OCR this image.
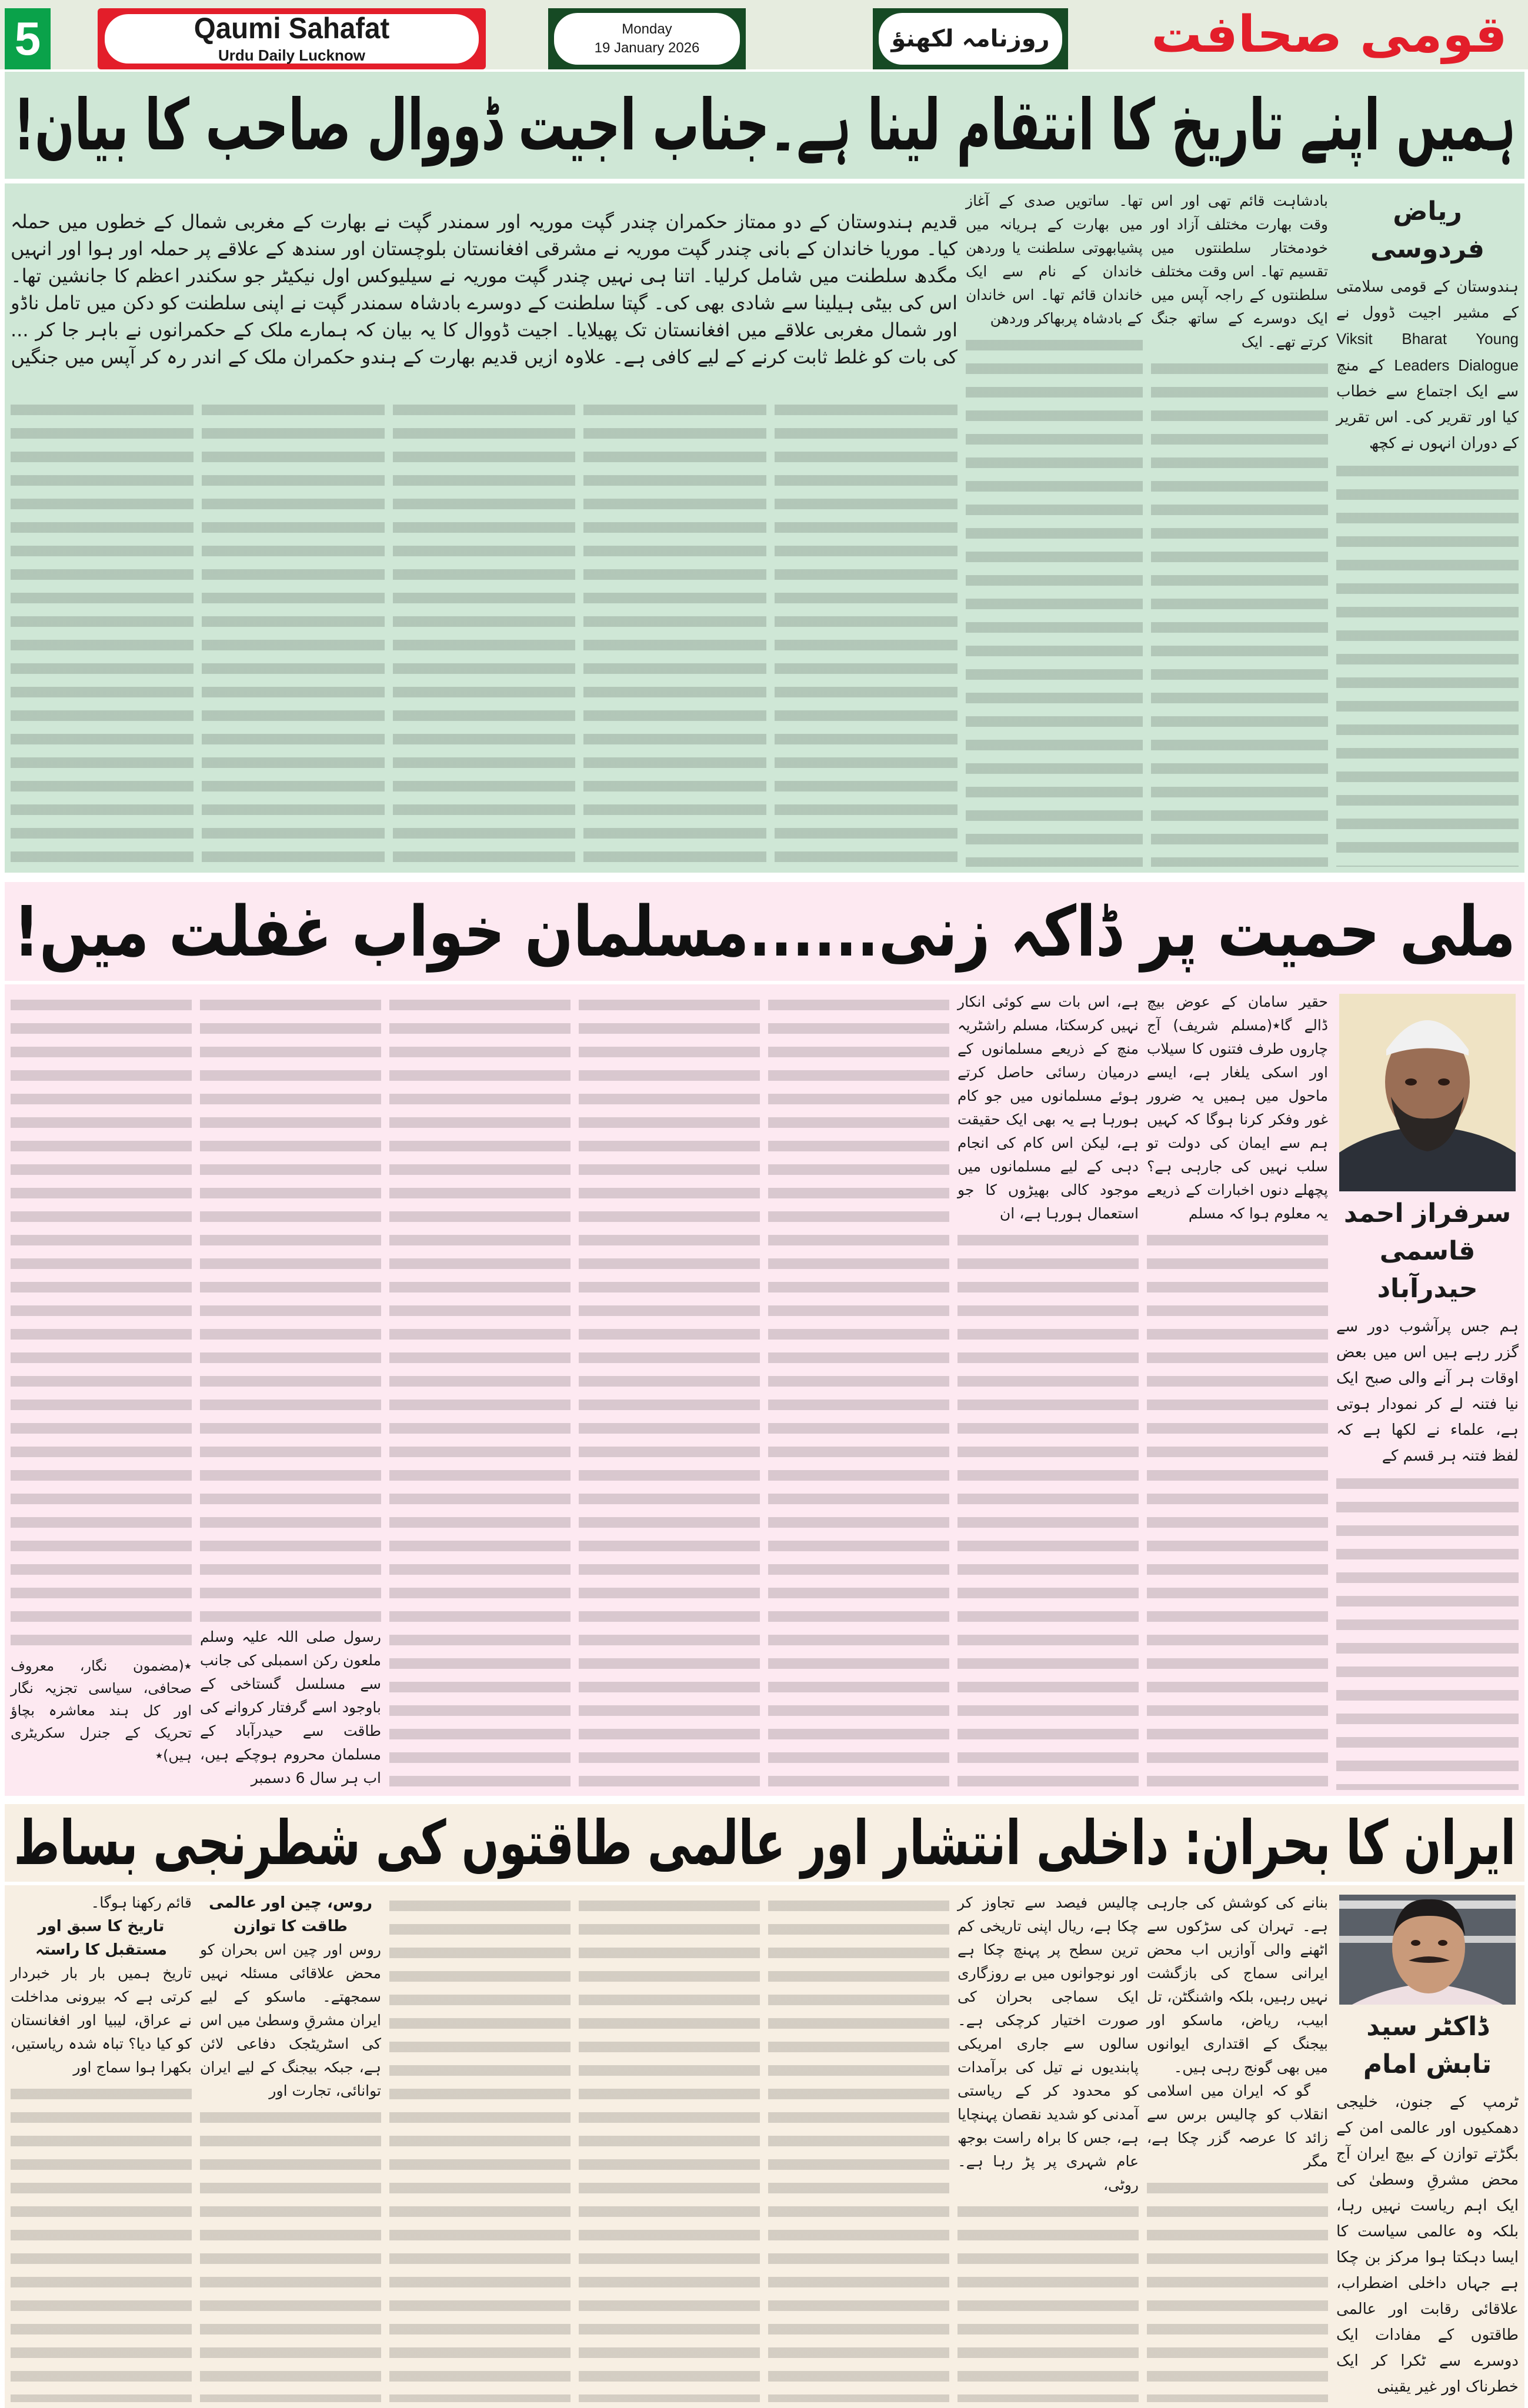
5	Qaumi Sahafat
Urdu Daily Lucknow
Monday
19 January 2026	روزنامہ لکھنؤ
ہمیں اپنے تاریخ کا انتقام لینا ہے۔جناب اجیت ڈووال صاحب کا بیان!
ریاض فردوسی

ہندوستان کے قومی سلامتی کے مشیر اجیت ڈوول نے Viksit Bharat Young Leaders Dialogue کے منچ سے ایک اجتماع سے خطاب کیا اور تقریر کی۔ اس تقریر کے دوران انہوں نے کچھ

بادشاہت قائم تھی اور اس وقت بھارت مختلف آزاد اور خودمختار سلطنتوں میں تقسیم تھا۔ اس وقت مختلف سلطنتوں کے راجہ آپس میں ایک دوسرے کے ساتھ جنگ کرتے تھے۔ ایک

تھا۔ ساتویں صدی کے آغاز میں بھارت کے ہریانہ میں پشیابھوتی سلطنت یا وردھن خاندان کے نام سے ایک خاندان قائم تھا۔ اس خاندان کے بادشاہ پربھاکر وردھن

قدیم ہندوستان کے دو ممتاز حکمران چندر گپت موریہ اور سمندر گپت نے بھارت کے مغربی شمال کے خطوں میں حملہ کیا۔ موریا خاندان کے بانی چندر گپت موریہ نے مشرقی افغانستان بلوچستان اور سندھ کے علاقے پر حملہ اور ہوا اور انہیں مگدھ سلطنت میں شامل کرلیا۔ اتنا ہی نہیں چندر گپت موریہ نے سیلیوکس اول نیکیٹر جو سکندر اعظم کا جانشین تھا۔ اس کی بیٹی ہیلینا سے شادی بھی کی۔ گپتا سلطنت کے دوسرے بادشاہ سمندر گپت نے اپنی سلطنت کو دکن میں تامل ناڈو اور شمال مغربی علاقے میں افغانستان تک پھیلایا۔ اجیت ڈووال کا یہ بیان کہ ہمارے ملک کے حکمرانوں نے باہر جا کر ... کی بات کو غلط ثابت کرنے کے لیے کافی ہے۔ علاوہ ازیں قدیم بھارت کے ہندو حکمران ملک کے اندر رہ کر آپس میں جنگیں

ملی حمیت پر ڈاکہ زنی......مسلمان خواب غفلت میں!
سرفراز احمد قاسمی حیدرآباد

ہم جس پرآشوب دور سے گزر رہے ہیں اس میں بعض اوقات ہر آنے والی صبح ایک نیا فتنہ لے کر نمودار ہوتی ہے، علماء نے لکھا ہے کہ لفظ فتنہ ہر قسم کے

حقیر سامان کے عوض بیچ ڈالے گا٭(مسلم شریف) آج چاروں طرف فتنوں کا سیلاب اور اسکی یلغار ہے، ایسے ماحول میں ہمیں یہ ضرور غور وفکر کرنا ہوگا کہ کہیں ہم سے ایمان کی دولت تو سلب نہیں کی جارہی ہے؟ پچھلے دنوں اخبارات کے ذریعے یہ معلوم ہوا کہ مسلم

ہے، اس بات سے کوئی انکار نہیں کرسکتا، مسلم راشٹریہ منچ کے ذریعے مسلمانوں کے درمیان رسائی حاصل کرتے ہوئے مسلمانوں میں جو کام ہورہا ہے یہ بھی ایک حقیقت ہے، لیکن اس کام کی انجام دہی کے لیے مسلمانوں میں موجود کالی بھیڑوں کا جو استعمال ہورہا ہے، ان

رسول صلی اللہ علیہ وسلم ملعون رکن اسمبلی کی جانب سے مسلسل گستاخی کے باوجود اسے گرفتار کروانے کی طاقت سے حیدرآباد کے مسلمان محروم ہوچکے ہیں، اب ہر سال 6 دسمبر

٭(مضمون نگار، معروف صحافی، سیاسی تجزیہ نگار اور کل ہند معاشرہ بچاؤ تحریک کے جنرل سکریٹری ہیں)٭

ایران کا بحران: داخلی انتشار اور عالمی طاقتوں کی شطرنجی بساط
ڈاکٹر سید تابش امام

ٹرمپ کے جنون، خلیجی دھمکیوں اور عالمی امن کے بگڑتے توازن کے بیچ ایران آج محض مشرقِ وسطیٰ کی ایک اہم ریاست نہیں رہا، بلکہ وہ عالمی سیاست کا ایسا دہکتا ہوا مرکز بن چکا ہے جہاں داخلی اضطراب، علاقائی رقابت اور عالمی طاقتوں کے مفادات ایک دوسرے سے ٹکرا کر ایک خطرناک اور غیر یقینی

بنانے کی کوشش کی جارہی ہے۔ تہران کی سڑکوں سے اٹھنے والی آوازیں اب محض ایرانی سماج کی بازگشت نہیں رہیں، بلکہ واشنگٹن، تل ابیب، ریاض، ماسکو اور بیجنگ کے اقتداری ایوانوں میں بھی گونج رہی ہیں۔

گو کہ ایران میں اسلامی انقلاب کو چالیس برس سے زائد کا عرصہ گزر چکا ہے، مگر

چالیس فیصد سے تجاوز کر چکا ہے، ریال اپنی تاریخی کم ترین سطح پر پہنچ چکا ہے اور نوجوانوں میں بے روزگاری ایک سماجی بحران کی صورت اختیار کرچکی ہے۔ سالوں سے جاری امریکی پابندیوں نے تیل کی برآمدات کو محدود کر کے ریاستی آمدنی کو شدید نقصان پہنچایا ہے، جس کا براہ راست بوجھ عام شہری پر پڑ رہا ہے۔ روٹی،

روس، چین اور عالمی طاقت کا توازن

روس اور چین اس بحران کو محض علاقائی مسئلہ نہیں سمجھتے۔ ماسکو کے لیے ایران مشرقِ وسطیٰ میں اس کی اسٹریٹجک دفاعی لائن ہے، جبکہ بیجنگ کے لیے ایران توانائی، تجارت اور

قائم رکھنا ہوگا۔

تاریخ کا سبق اور مستقبل کا راستہ

تاریخ ہمیں بار بار خبردار کرتی ہے کہ بیرونی مداخلت نے عراق، لیبیا اور افغانستان کو کیا دیا؟ تباہ شدہ ریاستیں، بکھرا ہوا سماج اور

قومی صحافت
